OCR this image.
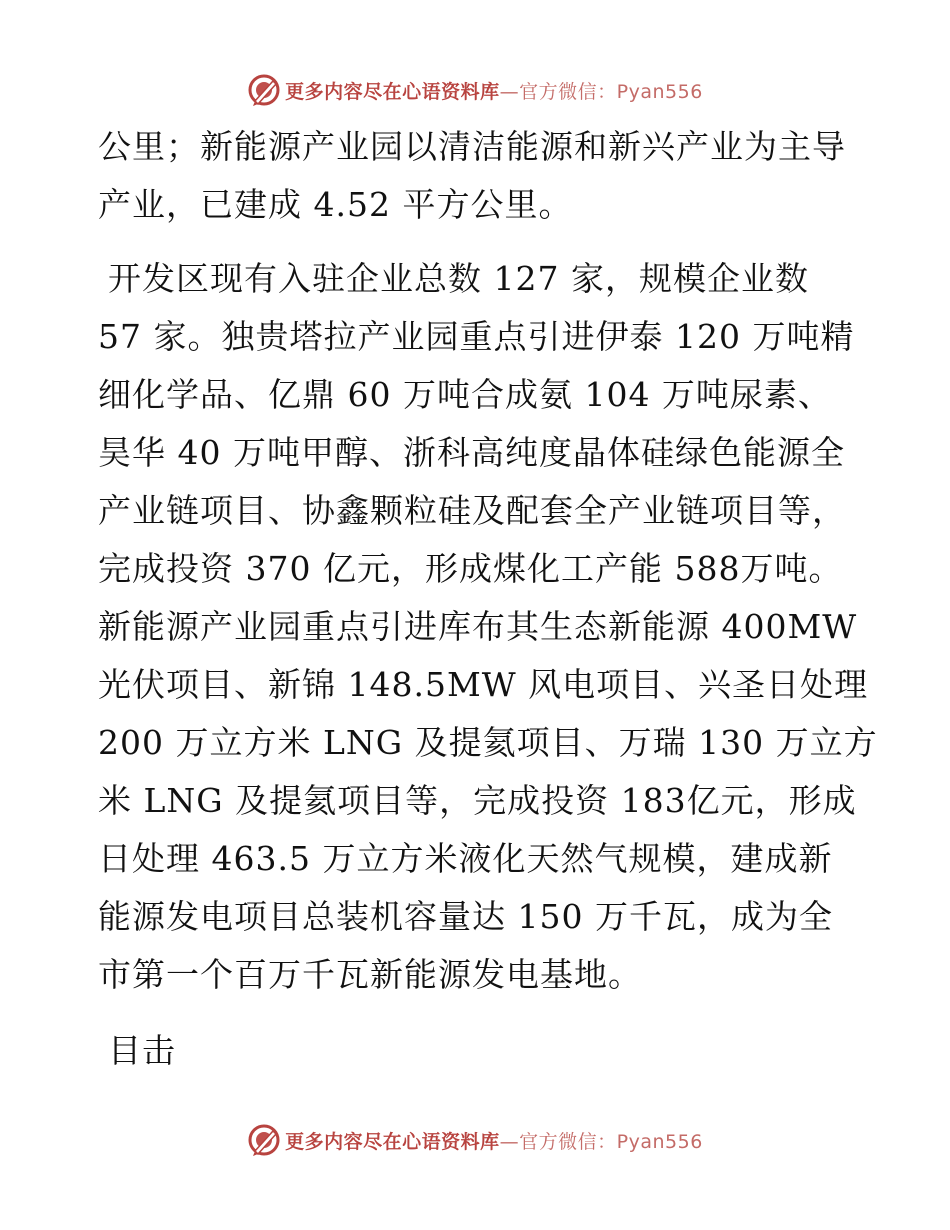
更多内容尽在心语资料库—官方微信：Pyan556

公里；新能源产业园以清洁能源和新兴产业为主导
产业，已建成 4.52 平方公里。

开发区现有入驻企业总数 127 家，规模企业数
57 家。独贵塔拉产业园重点引进伊泰 120 万吨精
细化学品、亿鼎 60 万吨合成氨 104 万吨尿素、
昊华 40 万吨甲醇、浙科高纯度晶体硅绿色能源全
产业链项目、协鑫颗粒硅及配套全产业链项目等，
完成投资 370 亿元，形成煤化工产能 588万吨。
新能源产业园重点引进库布其生态新能源 400MW
光伏项目、新锦 148.5MW 风电项目、兴圣日处理
200 万立方米 LNG 及提氦项目、万瑞 130 万立方
米 LNG 及提氦项目等，完成投资 183亿元，形成
日处理 463.5 万立方米液化天然气规模，建成新
能源发电项目总装机容量达 150 万千瓦，成为全
市第一个百万千瓦新能源发电基地。

目击

更多内容尽在心语资料库—官方微信：Pyan556
